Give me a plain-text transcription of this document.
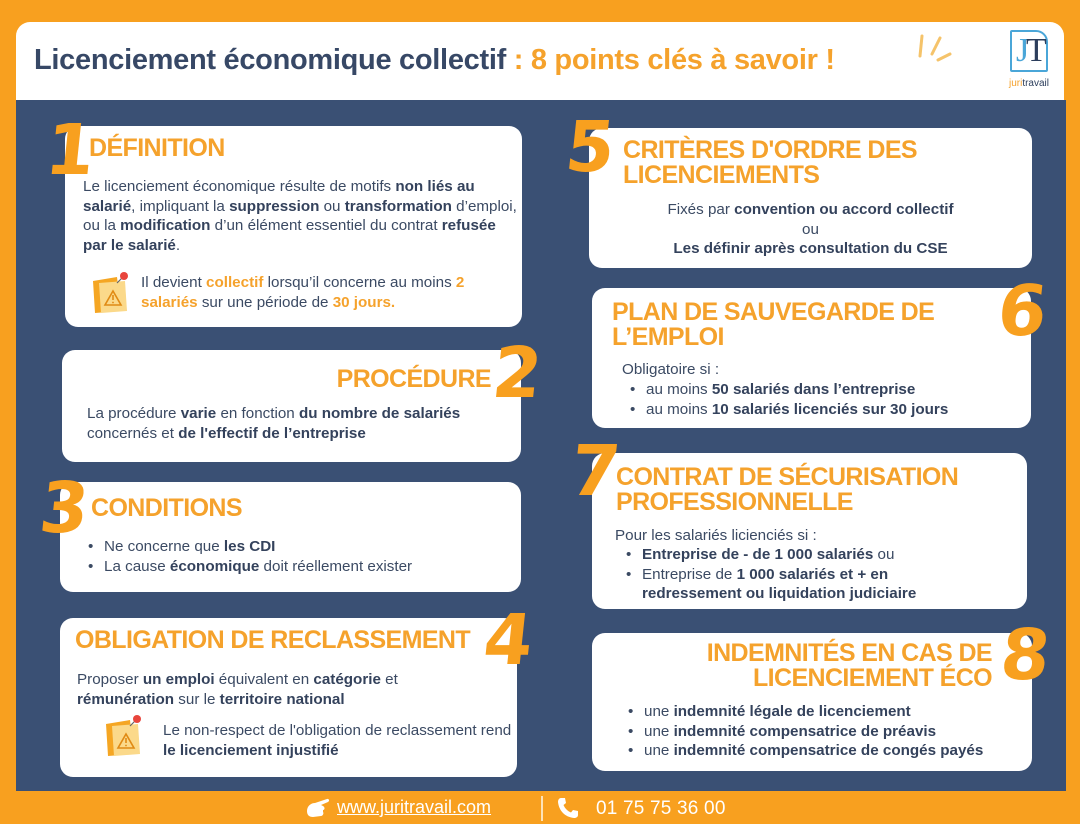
Licenciement économique collectif : 8 points clés à savoir !	J
T
juritravail
DÉFINITION
Le licenciement économique résulte de motifs non liés au salarié, impliquant la suppression ou transformation d’emploi, ou la modification d’un élément essentiel du contrat refusée par le salarié.
Il devient collectif lorsqu’il concerne au moins 2 salariés sur une période de 30 jours.
1
PROCÉDURE
La procédure varie en fonction du nombre de salariés concernés et de l'effectif de l’entreprise
2
CONDITIONS
• Ne concerne que les CDI
• La cause économique doit réellement exister
3
OBLIGATION DE RECLASSEMENT
Proposer un emploi équivalent en catégorie et rémunération sur le territoire national
Le non-respect de l'obligation de reclassement rend le licenciement injustifié
4
CRITÈRES D'ORDRE DES LICENCIEMENTS
Fixés par convention ou accord collectif
ou
Les définir après consultation du CSE
5
PLAN DE SAUVEGARDE DE L’EMPLOI
Obligatoire si :
• au moins 50 salariés dans l’entreprise
• au moins 10 salariés licenciés sur 30 jours
6
CONTRAT DE SÉCURISATION PROFESSIONNELLE
Pour les salariés licienciés si :
• Entreprise de - de 1 000 salariés ou
• Entreprise de 1 000 salariés et + en redressement ou liquidation judiciaire
7
INDEMNITÉS EN CAS DE LICENCIEMENT ÉCO
• une indemnité légale de licenciement
• une indemnité compensatrice de préavis
• une indemnité compensatrice de congés payés
8
www.juritravail.com	01 75 75 36 00
